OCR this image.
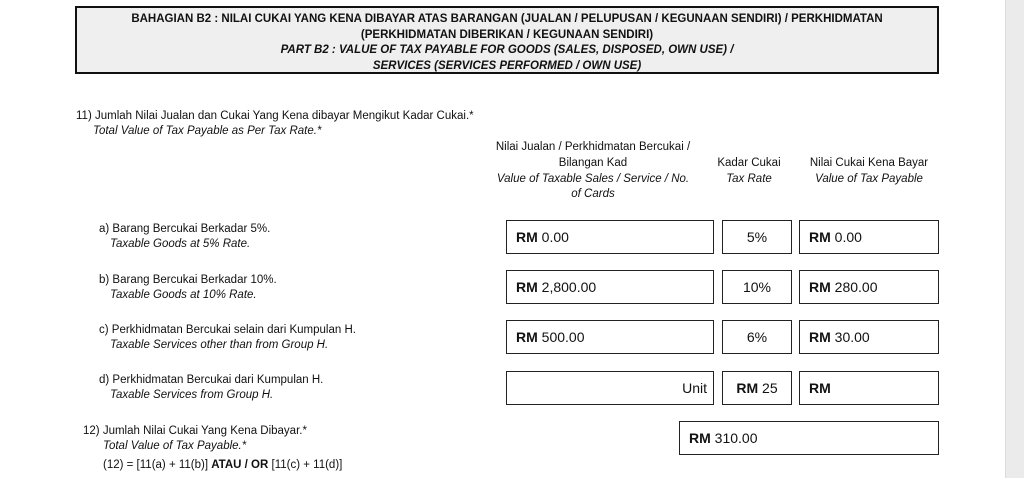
BAHAGIAN B2 : NILAI CUKAI YANG KENA DIBAYAR ATAS BARANGAN (JUALAN / PELUPUSAN / KEGUNAAN SENDIRI) / PERKHIDMATAN
(PERKHIDMATAN DIBERIKAN / KEGUNAAN SENDIRI)
PART B2 : VALUE OF TAX PAYABLE FOR GOODS (SALES, DISPOSED, OWN USE) /
SERVICES (SERVICES PERFORMED / OWN USE)
11) Jumlah Nilai Jualan dan Cukai Yang Kena dibayar Mengikut Kadar Cukai.*
Total Value of Tax Payable as Per Tax Rate.*
Nilai Jualan / Perkhidmatan Bercukai /
Bilangan Kad
Value of Taxable Sales / Service / No.
of Cards
Kadar Cukai
Tax Rate
Nilai Cukai Kena Bayar
Value of Tax Payable
a) Barang Bercukai Berkadar 5%.
Taxable Goods at 5% Rate.	RM 0.00	5%	RM 0.00
b) Barang Bercukai Berkadar 10%.
Taxable Goods at 10% Rate.	RM 2,800.00	10%	RM 280.00
c) Perkhidmatan Bercukai selain dari Kumpulan H.
Taxable Services other than from Group H.	RM 500.00	6%	RM 30.00
d) Perkhidmatan Bercukai dari Kumpulan H.
Taxable Services from Group H.	Unit	RM 25	RM
12) Jumlah Nilai Cukai Yang Kena Dibayar.*
Total Value of Tax Payable.*
(12) = [11(a) + 11(b)] ATAU / OR [11(c) + 11(d)]
RM 310.00
